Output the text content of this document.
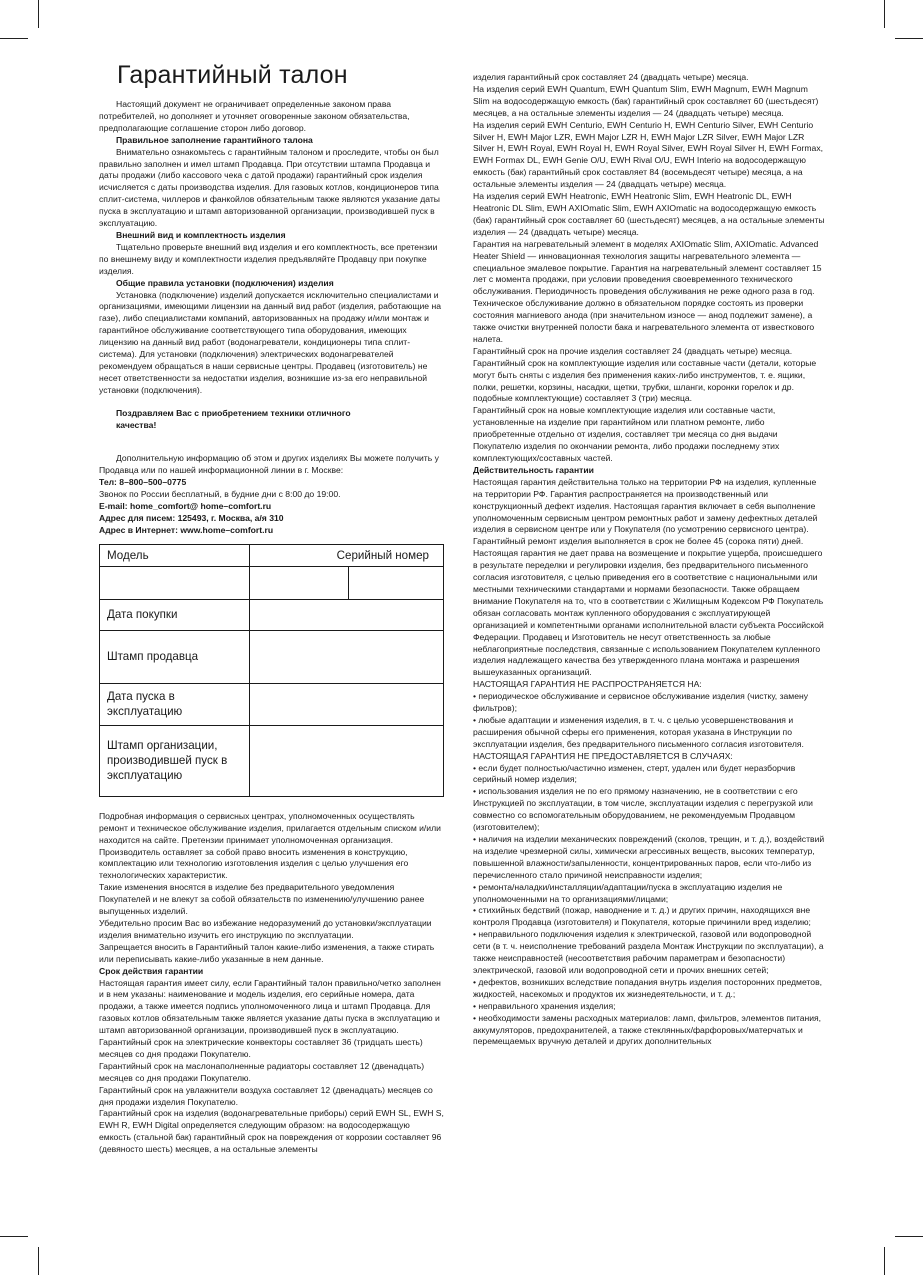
Гарантийный талон

Настоящий документ не ограничивает определенные законом права потребителей, но дополняет и уточняет оговоренные законом обязательства, предполагающие соглашение сторон либо договор.

Правильное заполнение гарантийного талона

Внимательно ознакомьтесь с гарантийным талоном и проследите, чтобы он был правильно заполнен и имел штамп Продавца. При отсутствии штампа Продавца и даты продажи (либо кассового чека с датой продажи) гарантийный срок изделия исчисляется с даты производства изделия. Для газовых котлов, кондиционеров типа сплит-система, чиллеров и фанкойлов обязательным также являются указание даты пуска в эксплуатацию и штамп авторизованной организации, производившей пуск в эксплуатацию.

Внешний вид и комплектность изделия

Тщательно проверьте внешний вид изделия и его комплектность, все претензии по внешнему виду и комплектности изделия предъявляйте Продавцу при покупке изделия.

Общие правила установки (подключения) изделия

Установка (подключение) изделий допускается исключительно специалистами и организациями, имеющими лицензии на данный вид работ (изделия, работающие на газе), либо специалистами компаний, авторизованных на продажу и/или монтаж и гарантийное обслуживание соответствующего типа оборудования, имеющих лицензию на данный вид работ (водонагреватели, кондиционеры типа сплит-система). Для установки (подключения) электрических водонагревателей рекомендуем обращаться в наши сервисные центры. Продавец (изготовитель) не несет ответственности за недостатки изделия, возникшие из-за его неправильной установки (подключения).

Поздравляем Вас с приобретением техники отличного качества!

Дополнительную информацию об этом и других изделиях Вы можете получить у Продавца или по нашей информационной линии в г. Москве:

Тел: 8–800–500–0775

Звонок по России бесплатный, в будние дни с 8:00 до 19:00.

E-mail: home_comfort@ home–comfort.ru

Адрес для писем: 125493, г. Москва, а/я 310

Адрес в Интернет: www.home–comfort.ru

Модель	Серийный номер	

Дата покупки		
Штамп продавца		
Дата пуска в эксплуатацию		
Штамп организации, производившей пуск в эксплуатацию		

Подробная информация о сервисных центрах, уполномоченных осуществлять ремонт и техническое обслуживание изделия, прилагается отдельным списком и/или находится на сайте. Претензии принимает уполномоченная организация.

Производитель оставляет за собой право вносить изменения в конструкцию, комплектацию или технологию изготовления изделия с целью улучшения его технологических характеристик.

Такие изменения вносятся в изделие без предварительного уведомления Покупателей и не влекут за собой обязательств по изменению/улучшению ранее выпущенных изделий.

Убедительно просим Вас во избежание недоразумений до установки/эксплуатации изделия внимательно изучить его инструкцию по эксплуатации.

Запрещается вносить в Гарантийный талон какие-либо изменения, а также стирать или переписывать какие-либо указанные в нем данные.

Срок действия гарантии

Настоящая гарантия имеет силу, если Гарантийный талон правильно/четко заполнен и в нем указаны: наименование и модель изделия, его серийные номера, дата продажи, а также имеется подпись уполномоченного лица и штамп Продавца. Для газовых котлов обязательным также является указание даты пуска в эксплуатацию и штамп авторизованной организации, производившей пуск в эксплуатацию.

Гарантийный срок на электрические конвекторы составляет 36 (тридцать шесть) месяцев со дня продажи Покупателю.

Гарантийный срок на маслонаполненные радиаторы составляет 12 (двенадцать) месяцев со дня продажи Покупателю.

Гарантийный срок на увлажнители воздуха составляет 12 (двенадцать) месяцев со дня продажи изделия Покупателю.

Гарантийный срок на изделия (водонагревательные приборы) серий EWH SL, EWH S, EWH R, EWH Digital определяется следующим образом: на водосодержащую емкость (стальной бак) гарантийный срок на повреждения от коррозии составляет 96 (девяносто шесть) месяцев, а на остальные элементы

изделия гарантийный срок составляет 24 (двадцать четыре) месяца.

На изделия серий EWH Quantum, EWH Quantum Slim, EWH Magnum, EWH Magnum Slim на водосодержащую емкость (бак) гарантийный срок составляет 60 (шестьдесят) месяцев, а на остальные элементы изделия — 24 (двадцать четыре) месяца.

На изделия серий EWH Centurio, EWH Centurio H, EWH Centurio Silver, EWH Centurio Silver H, EWH Major LZR, EWH Major LZR H, EWH Major LZR Silver, EWH Major LZR Silver H, EWH Royal, EWH Royal H, EWH Royal Silver, EWH Royal Silver H, EWH Formax, EWH Formax DL, EWH Genie O/U, EWH Rival O/U, EWH Interio на водосодержащую емкость (бак) гарантийный срок составляет 84 (восемьдесят четыре) месяца, а на остальные элементы изделия — 24 (двадцать четыре) месяца.

На изделия серий EWH Heatronic, EWH Heatronic Slim, EWH Heatronic DL, EWH Heatronic DL Slim, EWH AXIOmatic Slim, EWH AXIOmatic на водосодержащую емкость (бак) гарантийный срок составляет 60 (шестьдесят) месяцев, а на остальные элементы изделия — 24 (двадцать четыре) месяца.

Гарантия на нагревательный элемент в моделях AXIOmatic Slim, AXIOmatic. Advanced Heater Shield — инновационная технология защиты нагревательного элемента — специальное эмалевое покрытие. Гарантия на нагревательный элемент составляет 15 лет с момента продажи, при условии проведения своевременного технического обслуживания. Периодичность проведения обслуживания не реже одного раза в год. Техническое обслуживание должно в обязательном порядке состоять из проверки состояния магниевого анода (при значительном износе — анод подлежит замене), а также очистки внутренней полости бака и нагревательного элемента от известкового налета.

Гарантийный срок на прочие изделия составляет 24 (двадцать четыре) месяца.

Гарантийный срок на комплектующие изделия или составные части (детали, которые могут быть сняты с изделия без применения каких-либо инструментов, т. е. ящики, полки, решетки, корзины, насадки, щетки, трубки, шланги, коронки горелок и др. подобные комплектующие) составляет 3 (три) месяца.

Гарантийный срок на новые комплектующие изделия или составные части, установленные на изделие при гарантийном или платном ремонте, либо приобретенные отдельно от изделия, составляет три месяца со дня выдачи Покупателю изделия по окончании ремонта, либо продажи последнему этих комплектующих/составных частей.

Действительность гарантии

Настоящая гарантия действительна только на территории РФ на изделия, купленные на территории РФ. Гарантия распространяется на производственный или конструкционный дефект изделия. Настоящая гарантия включает в себя выполнение уполномоченным сервисным центром ремонтных работ и замену дефектных деталей изделия в сервисном центре или у Покупателя (по усмотрению сервисного центра). Гарантийный ремонт изделия выполняется в срок не более 45 (сорока пяти) дней.

Настоящая гарантия не дает права на возмещение и покрытие ущерба, происшедшего в результате переделки и регулировки изделия, без предварительного письменного согласия изготовителя, с целью приведения его в соответствие с национальными или местными техническими стандартами и нормами безопасности. Также обращаем внимание Покупателя на то, что в соответствии с Жилищным Кодексом РФ Покупатель обязан согласовать монтаж купленного оборудования с эксплуатирующей организацией и компетентными органами исполнительной власти субъекта Российской Федерации. Продавец и Изготовитель не несут ответственность за любые неблагоприятные последствия, связанные с использованием Покупателем купленного изделия надлежащего качества без утвержденного плана монтажа и разрешения вышеуказанных организаций.

НАСТОЯЩАЯ ГАРАНТИЯ НЕ РАСПРОСТРАНЯЕТСЯ НА:

• периодическое обслуживание и сервисное обслуживание изделия (чистку, замену фильтров);

• любые адаптации и изменения изделия, в т. ч. с целью усовершенствования и расширения обычной сферы его применения, которая указана в Инструкции по эксплуатации изделия, без предварительного письменного согласия изготовителя.

НАСТОЯЩАЯ ГАРАНТИЯ НЕ ПРЕДОСТАВЛЯЕТСЯ В СЛУЧАЯХ:

• если будет полностью/частично изменен, стерт, удален или будет неразборчив серийный номер изделия;

• использования изделия не по его прямому назначению, не в соответствии с его Инструкцией по эксплуатации, в том числе, эксплуатации изделия с перегрузкой или совместно со вспомогательным оборудованием, не рекомендуемым Продавцом (изготовителем);

• наличия на изделии механических повреждений (сколов, трещин, и т. д.), воздействий на изделие чрезмерной силы, химически агрессивных веществ, высоких температур, повышенной влажности/запыленности, концентрированных паров, если что-либо из перечисленного стало причиной неисправности изделия;

• ремонта/наладки/инсталляции/адаптации/пуска в эксплуатацию изделия не уполномоченными на то организациями/лицами;

• стихийных бедствий (пожар, наводнение и т. д.) и других причин, находящихся вне контроля Продавца (изготовителя) и Покупателя, которые причинили вред изделию;

• неправильного подключения изделия к электрической, газовой или водопроводной сети (в т. ч. неисполнение требований раздела Монтаж Инструкции по эксплуатации), а также неисправностей (несоответствия рабочим параметрам и безопасности) электрической, газовой или водопроводной сети и прочих внешних сетей;

• дефектов, возникших вследствие попадания внутрь изделия посторонних предметов, жидкостей, насекомых и продуктов их жизнедеятельности, и т. д.;

• неправильного хранения изделия;

• необходимости замены расходных материалов: ламп, фильтров, элементов питания, аккумуляторов, предохранителей, а также стеклянных/фарфоровых/матерчатых и перемещаемых вручную деталей и других дополнительных
